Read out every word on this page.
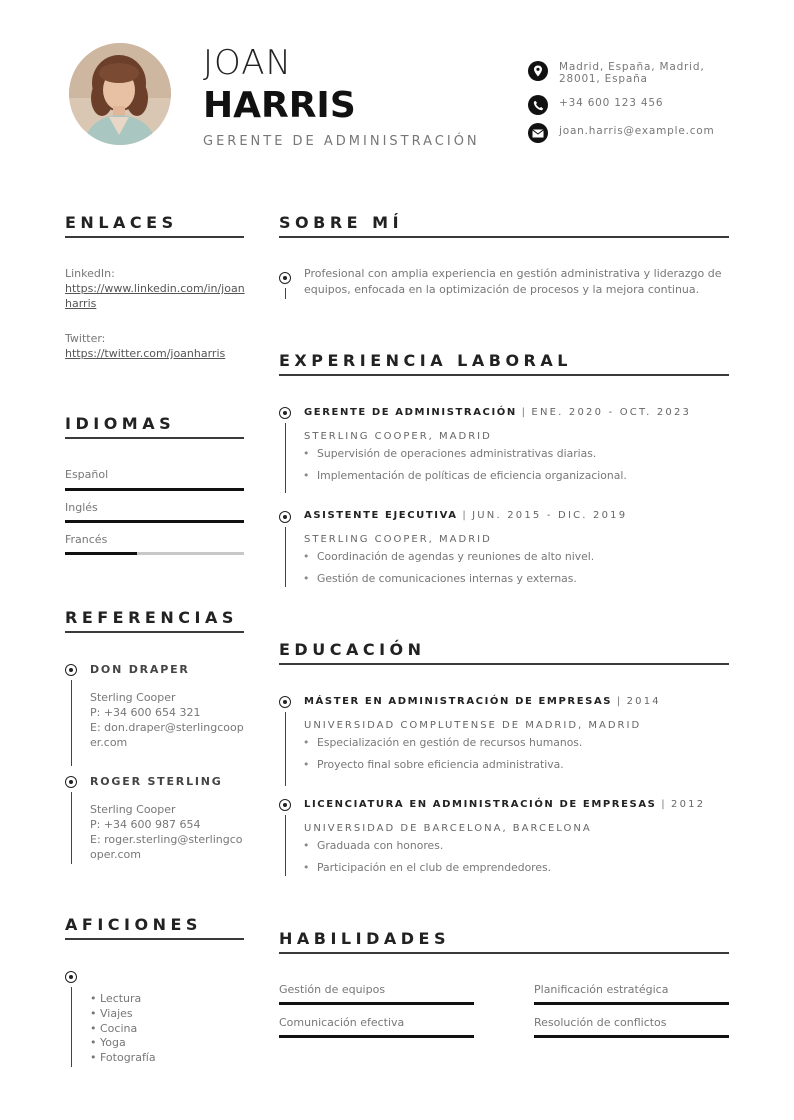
JOAN
HARRIS
GERENTE DE ADMINISTRACIÓN
Madrid, España, Madrid,
28001, España
+34 600 123 456
joan.harris@example.com
ENLACES
LinkedIn:
https://www.linkedin.com/in/joanharris
Twitter:
https://twitter.com/joanharris
IDIOMAS
Español
Inglés
Francés
REFERENCIAS
DON DRAPER
Sterling Cooper
P: +34 600 654 321
E: don.draper@sterlingcooper.com
ROGER STERLING
Sterling Cooper
P: +34 600 987 654
E: roger.sterling@sterlingcooper.com
AFICIONES
• Lectura
• Viajes
• Cocina
• Yoga
• Fotografía
SOBRE MÍ
Profesional con amplia experiencia en gestión administrativa y liderazgo de
equipos, enfocada en la optimización de procesos y la mejora continua.
EXPERIENCIA LABORAL
GERENTE DE ADMINISTRACIÓN | ENE. 2020 - OCT. 2023
STERLING COOPER, MADRID
• Supervisión de operaciones administrativas diarias.
• Implementación de políticas de eficiencia organizacional.
ASISTENTE EJECUTIVA | JUN. 2015 - DIC. 2019
STERLING COOPER, MADRID
• Coordinación de agendas y reuniones de alto nivel.
• Gestión de comunicaciones internas y externas.
EDUCACIÓN
MÁSTER EN ADMINISTRACIÓN DE EMPRESAS | 2014
UNIVERSIDAD COMPLUTENSE DE MADRID, MADRID
• Especialización en gestión de recursos humanos.
• Proyecto final sobre eficiencia administrativa.
LICENCIATURA EN ADMINISTRACIÓN DE EMPRESAS | 2012
UNIVERSIDAD DE BARCELONA, BARCELONA
• Graduada con honores.
• Participación en el club de emprendedores.
HABILIDADES
Gestión de equipos	Planificación estratégica
Comunicación efectiva	Resolución de conflictos
